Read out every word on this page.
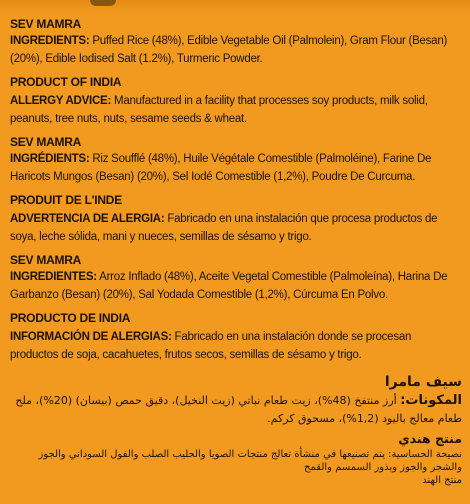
SEV MAMRA
INGREDIENTS: Puffed Rice (48%), Edible Vegetable Oil (Palmolein), Gram Flour (Besan) (20%), Edible Iodised Salt (1.2%), Turmeric Powder.
PRODUCT OF INDIA
ALLERGY ADVICE: Manufactured in a facility that processes soy products, milk solid, peanuts, tree nuts, nuts, sesame seeds & wheat.
SEV MAMRA
INGRÉDIENTS: Riz Soufflé (48%), Huile Végétale Comestible (Palmoléine), Farine De Haricots Mungos (Besan) (20%), Sel Iodé Comestible (1,2%), Poudre De Curcuma.
PRODUIT DE L'INDE
ADVERTENCIA DE ALERGIA: Fabricado en una instalación que procesa productos de soya, leche sólida, mani y nueces, semillas de sésamo y trigo.
SEV MAMRA
INGREDIENTES: Arroz Inflado (48%), Aceite Vegetal Comestible (Palmoleína), Harina De Garbanzo (Besan) (20%), Sal Yodada Comestible (1,2%), Cúrcuma En Polvo.
PRODUCTO DE INDIA
INFORMACIÓN DE ALERGIAS: Fabricado en una instalación donde se procesan productos de soja, cacahuetes, frutos secos, semillas de sésamo y trigo.
سيف مامرا
المكونات: أرز منتفخ (48%)، زيت طعام نباتي (زيت النخيل)، دقيق حمص (بيسان) (20%)، ملح طعام معالج باليود (1,2%)، مسحوق كركم.
منتج هندي
نصيحة الحساسية: يتم تصنيعها في منشأة تعالج منتجات الصويا والحليب الصلب والفول السوداني والجوز والشجر والجوز وبذور السمسم والقمح
منتج الهند
